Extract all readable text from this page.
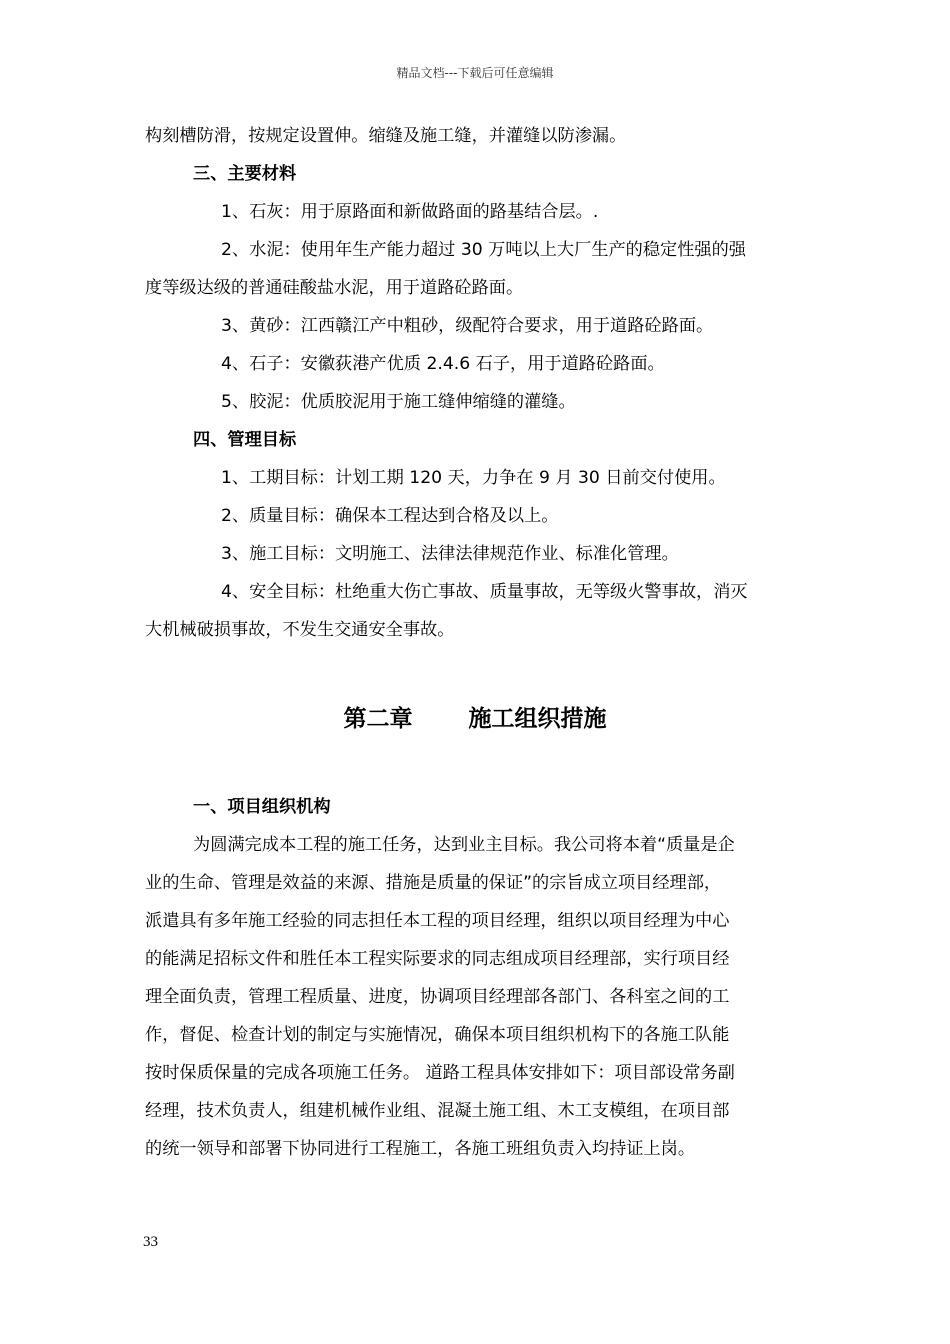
精品文档---下载后可任意编辑

构刻槽防滑，按规定设置伸。缩缝及施工缝，并灌缝以防渗漏。

三、主要材料

1、石灰：用于原路面和新做路面的路基结合层。.

2、水泥：使用年生产能力超过 30 万吨以上大厂生产的稳定性强的强

度等级达级的普通硅酸盐水泥，用于道路砼路面。

3、黄砂：江西赣江产中粗砂，级配符合要求，用于道路砼路面。

4、石子：安徽荻港产优质 2.4.6 石子，用于道路砼路面。

5、胶泥：优质胶泥用于施工缝伸缩缝的灌缝。

四、管理目标

1、工期目标：计划工期 120 天，力争在 9 月 30 日前交付使用。

2、质量目标：确保本工程达到合格及以上。

3、施工目标：文明施工、法律法律规范作业、标准化管理。

4、安全目标：杜绝重大伤亡事故、质量事故，无等级火警事故，消灭

大机械破损事故，不发生交通安全事故。

第二章 施工组织措施

一、项目组织机构

为圆满完成本工程的施工任务，达到业主目标。我公司将本着“质量是企

业的生命、管理是效益的来源、措施是质量的保证”的宗旨成立项目经理部，

派遣具有多年施工经验的同志担任本工程的项目经理，组织以项目经理为中心

的能满足招标文件和胜任本工程实际要求的同志组成项目经理部，实行项目经

理全面负责，管理工程质量、进度，协调项目经理部各部门、各科室之间的工

作，督促、检查计划的制定与实施情况，确保本项目组织机构下的各施工队能

按时保质保量的完成各项施工任务。 道路工程具体安排如下：项目部设常务副

经理，技术负责人，组建机械作业组、混凝土施工组、木工支模组，在项目部

的统一领导和部署下协同进行工程施工，各施工班组负责入均持证上岗。

33
